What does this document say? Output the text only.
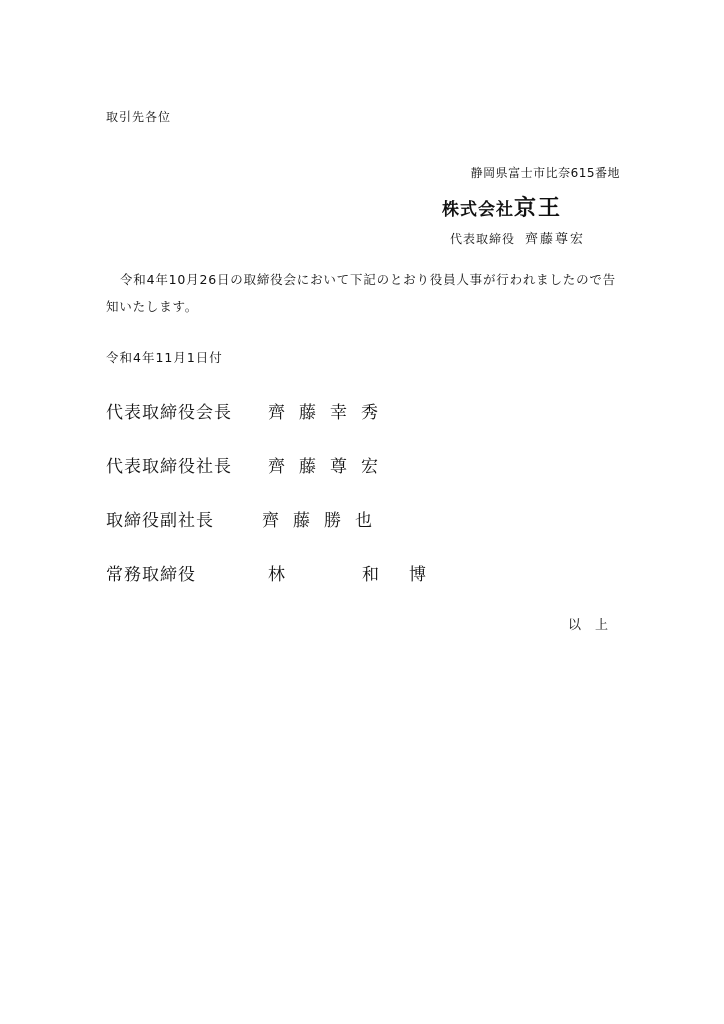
取引先各位
静岡県富士市比奈615番地
株式会社京王
代表取締役 齊藤尊宏
令和4年10月26日の取締役会において下記のとおり役員人事が行われましたので告知いたします。
令和4年11月1日付
代表取締役会長 齊藤幸秀
代表取締役社長 齊藤尊宏
取締役副社長	齊藤勝也
常務取締役	林　和博
以上
